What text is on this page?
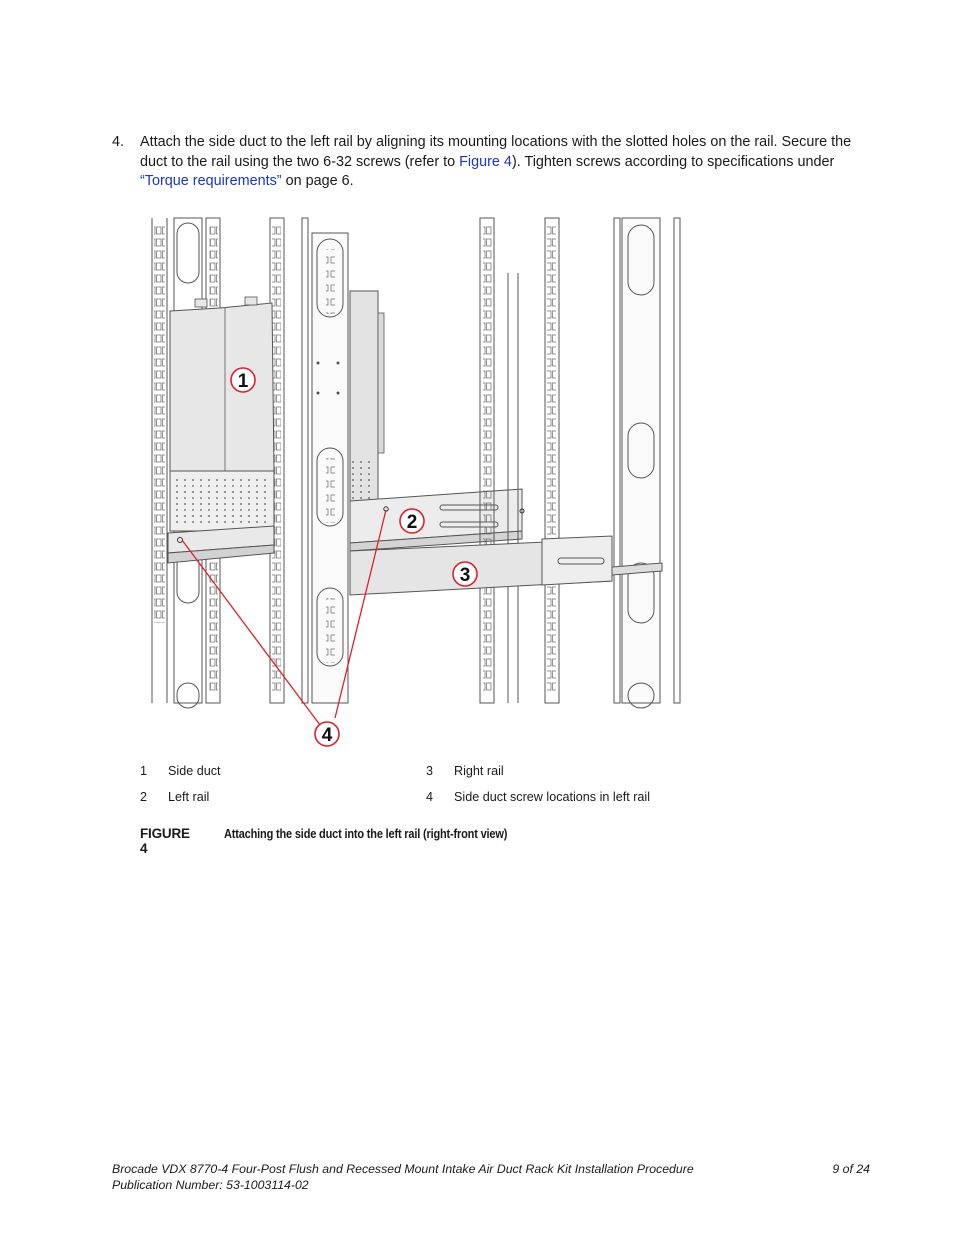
4. Attach the side duct to the left rail by aligning its mounting locations with the slotted holes on the rail. Secure the duct to the rail using the two 6-32 screws (refer to Figure 4). Tighten screws according to specifications under “Torque requirements” on page 6.
1
2
3
4
1 Side duct
2 Left rail
3 Right rail
4 Side duct screw locations in left rail
FIGURE 4
Attaching the side duct into the left rail (right-front view)
Brocade VDX 8770-4 Four-Post Flush and Recessed Mount Intake Air Duct Rack Kit Installation Procedure
Publication Number: 53-1003114-02
9 of 24
